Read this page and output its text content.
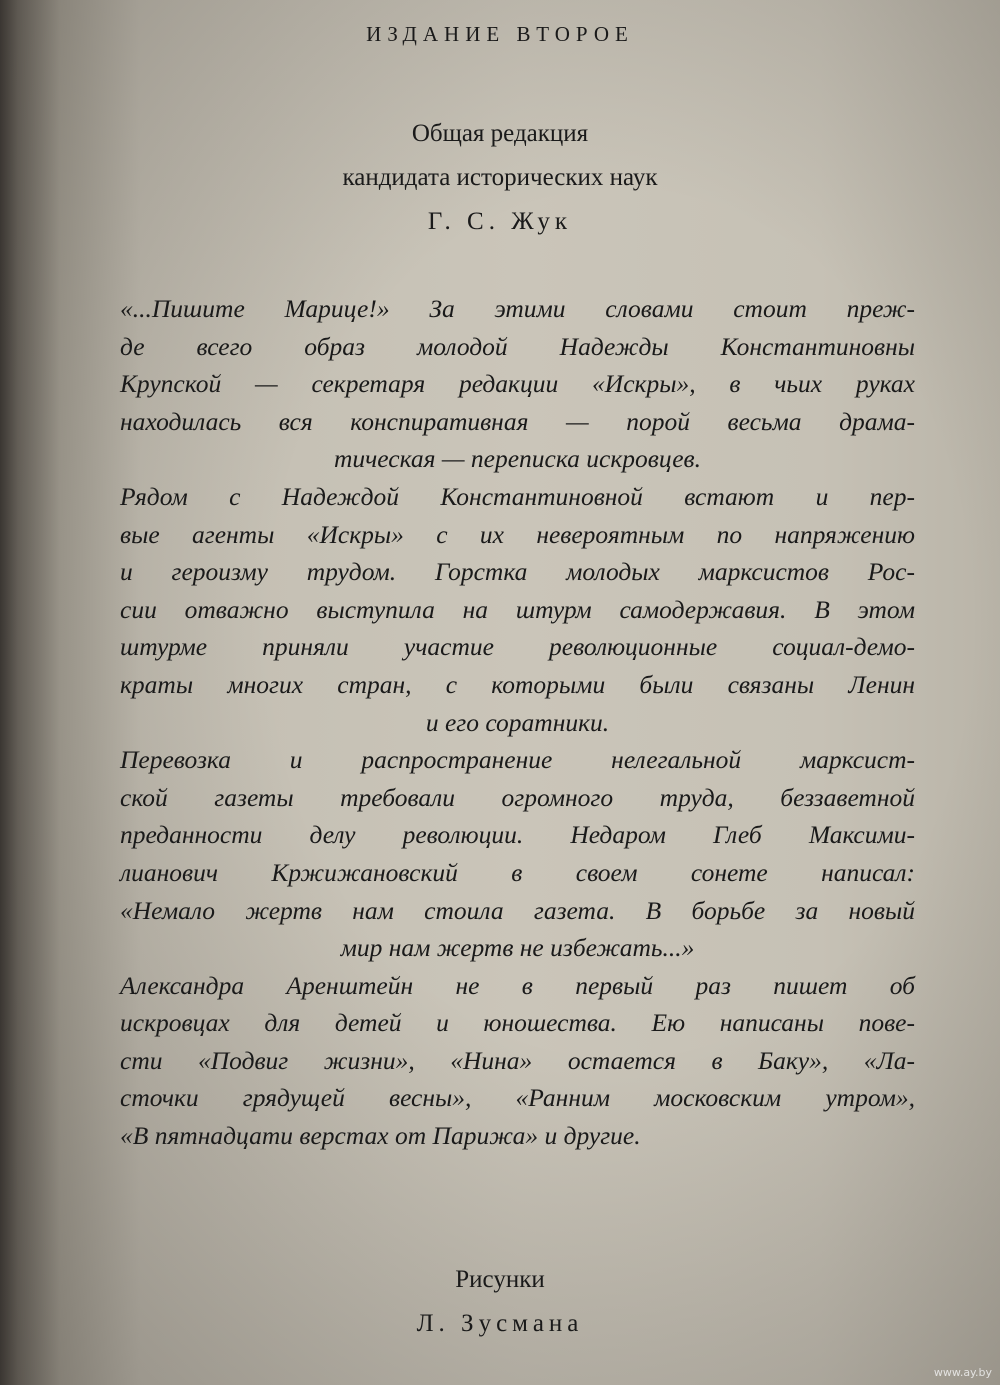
ИЗДАНИЕ ВТОРОЕ
Общая редакция
кандидата исторических наук
Г. С. Жук
«...Пишите Марице!» За этими словами стоит преж-
де всего образ молодой Надежды Константиновны
Крупской — секретаря редакции «Искры», в чьих руках
находилась вся конспиративная — порой весьма драма-
тическая — переписка искровцев.
Рядом с Надеждой Константиновной встают и пер-
вые агенты «Искры» с их невероятным по напряжению
и героизму трудом. Горстка молодых марксистов Рос-
сии отважно выступила на штурм самодержавия. В этом
штурме приняли участие революционные социал-демо-
краты многих стран, с которыми были связаны Ленин
и его соратники.
Перевозка и распространение нелегальной марксист-
ской газеты требовали огромного труда, беззаветной
преданности делу революции. Недаром Глеб Максими-
лианович Кржижановский в своем сонете написал:
«Немало жертв нам стоила газета. В борьбе за новый
мир нам жертв не избежать...»
Александра Аренштейн не в первый раз пишет об
искровцах для детей и юношества. Ею написаны пове-
сти «Подвиг жизни», «Нина» остается в Баку», «Ла-
сточки грядущей весны», «Ранним московским утром»,
«В пятнадцати верстах от Парижа» и другие.
Рисунки
Л. Зусмана
www.ay.by
